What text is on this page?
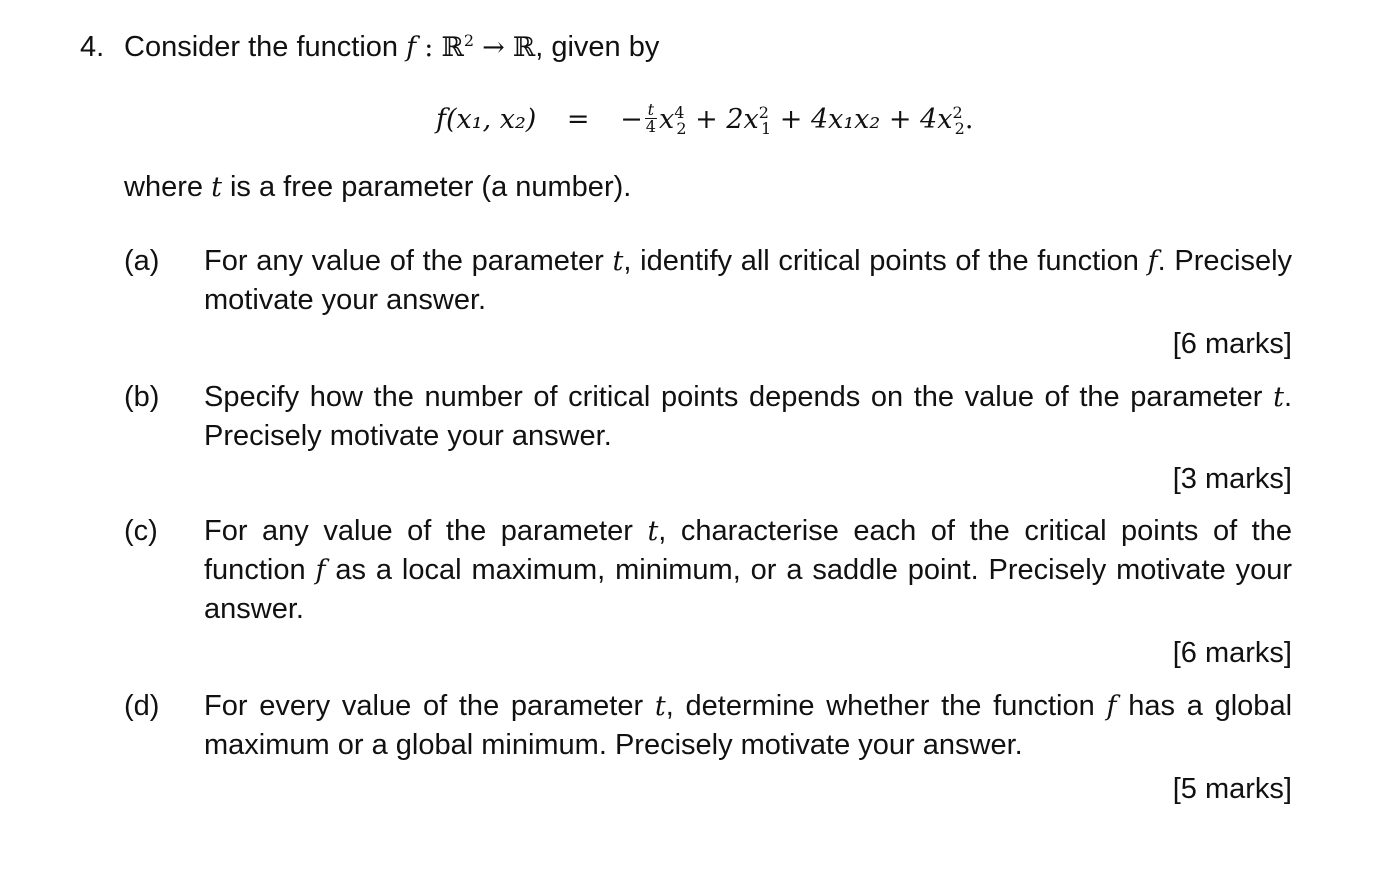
4. Consider the function f : ℝ$^2$ → ℝ, given by
f(x₁, x₂) = − $\frac{t}{4} x^4_2 + 2x^2_1 + 4x_1x_2 + 4x^2_2$.
where t is a free parameter (a number).
(a)	For any value of the parameter t, identify all critical points of the function f. Precisely motivate your answer.
[6 marks]
(b)	Specify how the number of critical points depends on the value of the parameter t. Precisely motivate your answer.
[3 marks]
(c)	For any value of the parameter t, characterise each of the critical points of the function f as a local maximum, minimum, or a saddle point. Precisely motivate your answer.
[6 marks]
(d)	For every value of the parameter t, determine whether the function f has a global maximum or a global minimum. Precisely motivate your answer.
[5 marks]
